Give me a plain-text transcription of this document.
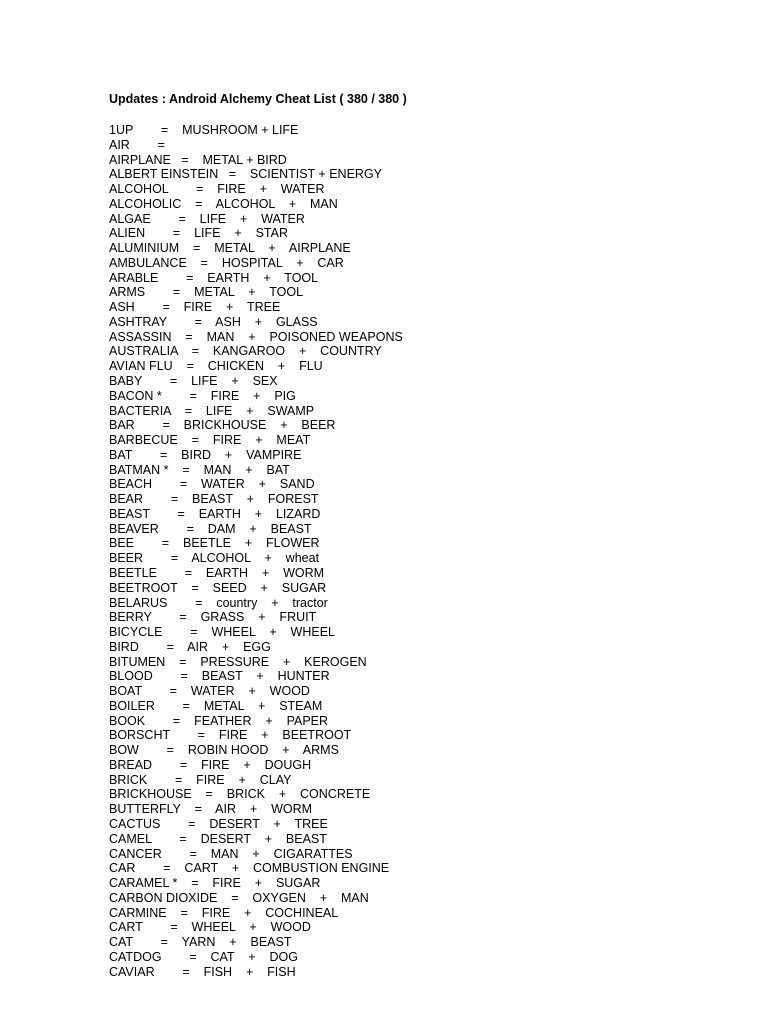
Updates : Android Alchemy Cheat List ( 380 / 380 )
1UP        =    MUSHROOM + LIFE
AIR        =
AIRPLANE   =    METAL + BIRD
ALBERT EINSTEIN   =    SCIENTIST + ENERGY
ALCOHOL        =    FIRE    +    WATER
ALCOHOLIC    =    ALCOHOL    +    MAN
ALGAE        =    LIFE    +    WATER
ALIEN        =    LIFE    +    STAR
ALUMINIUM    =    METAL    +    AIRPLANE
AMBULANCE    =    HOSPITAL    +    CAR
ARABLE        =    EARTH    +    TOOL
ARMS        =    METAL    +    TOOL
ASH        =    FIRE    +    TREE
ASHTRAY        =    ASH    +    GLASS
ASSASSIN    =    MAN    +    POISONED WEAPONS
AUSTRALIA    =    KANGAROO    +    COUNTRY
AVIAN FLU    =    CHICKEN    +    FLU
BABY        =    LIFE    +    SEX
BACON *        =    FIRE    +    PIG
BACTERIA    =    LIFE    +    SWAMP
BAR        =    BRICKHOUSE    +    BEER
BARBECUE    =    FIRE    +    MEAT
BAT        =    BIRD    +    VAMPIRE
BATMAN *    =    MAN    +    BAT
BEACH        =    WATER    +    SAND
BEAR        =    BEAST    +    FOREST
BEAST        =    EARTH    +    LIZARD
BEAVER        =    DAM    +    BEAST
BEE        =    BEETLE    +    FLOWER
BEER        =    ALCOHOL    +    wheat
BEETLE        =    EARTH    +    WORM
BEETROOT    =    SEED    +    SUGAR
BELARUS        =    country    +    tractor
BERRY        =    GRASS    +    FRUIT
BICYCLE        =    WHEEL    +    WHEEL
BIRD        =    AIR    +    EGG
BITUMEN    =    PRESSURE    +    KEROGEN
BLOOD        =    BEAST    +    HUNTER
BOAT        =    WATER    +    WOOD
BOILER        =    METAL    +    STEAM
BOOK        =    FEATHER    +    PAPER
BORSCHT        =    FIRE    +    BEETROOT
BOW        =    ROBIN HOOD    +    ARMS
BREAD        =    FIRE    +    DOUGH
BRICK        =    FIRE    +    CLAY
BRICKHOUSE    =    BRICK    +    CONCRETE
BUTTERFLY    =    AIR    +    WORM
CACTUS        =    DESERT    +    TREE
CAMEL        =    DESERT    +    BEAST
CANCER        =    MAN    +    CIGARATTES
CAR        =    CART    +    COMBUSTION ENGINE
CARAMEL *    =    FIRE    +    SUGAR
CARBON DIOXIDE    =    OXYGEN    +    MAN
CARMINE    =    FIRE    +    COCHINEAL
CART        =    WHEEL    +    WOOD
CAT        =    YARN    +    BEAST
CATDOG        =    CAT    +    DOG
CAVIAR        =    FISH    +    FISH
